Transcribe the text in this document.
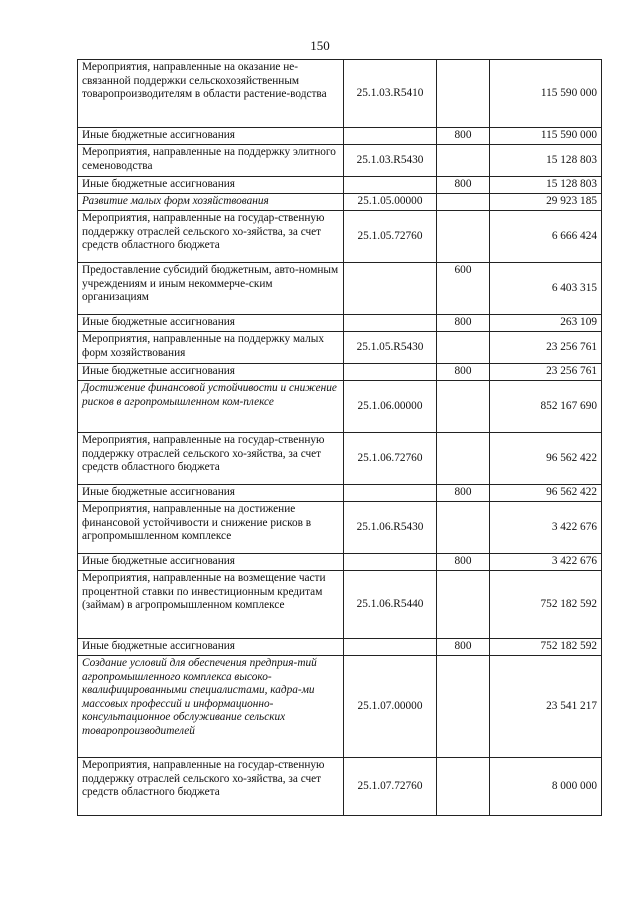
150
Мероприятия, направленные на оказание не-связанной поддержки сельскохозяйственным товаропроизводителям в области растение-водства	25.1.03.R5410		115 590 000
Иные бюджетные ассигнования		800	115 590 000
Мероприятия, направленные на поддержку элитного семеноводства	25.1.03.R5430		15 128 803
Иные бюджетные ассигнования		800	15 128 803
Развитие малых форм хозяйствования	25.1.05.00000		29 923 185
Мероприятия, направленные на государ-ственную поддержку отраслей сельского хо-зяйства, за счет средств областного бюджета	25.1.05.72760		6 666 424
Предоставление субсидий бюджетным, авто-номным учреждениям и иным некоммерче-ским организациям		600	6 403 315
Иные бюджетные ассигнования		800	263 109
Мероприятия, направленные на поддержку малых форм хозяйствования	25.1.05.R5430		23 256 761
Иные бюджетные ассигнования		800	23 256 761
Достижение финансовой устойчивости и снижение рисков в агропромышленном ком-плексе	25.1.06.00000		852 167 690
Мероприятия, направленные на государ-ственную поддержку отраслей сельского хо-зяйства, за счет средств областного бюджета	25.1.06.72760		96 562 422
Иные бюджетные ассигнования		800	96 562 422
Мероприятия, направленные на достижение финансовой устойчивости и снижение рисков в агропромышленном комплексе	25.1.06.R5430		3 422 676
Иные бюджетные ассигнования		800	3 422 676
Мероприятия, направленные на возмещение части процентной ставки по инвестиционным кредитам (займам) в агропромышленном комплексе	25.1.06.R5440		752 182 592
Иные бюджетные ассигнования		800	752 182 592
Создание условий для обеспечения предприя-тий агропромышленного комплекса высоко-квалифицированными специалистами, кадра-ми массовых профессий и информационно-консультационное обслуживание сельских товаропроизводителей	25.1.07.00000		23 541 217
Мероприятия, направленные на государ-ственную поддержку отраслей сельского хо-зяйства, за счет средств областного бюджета	25.1.07.72760		8 000 000
